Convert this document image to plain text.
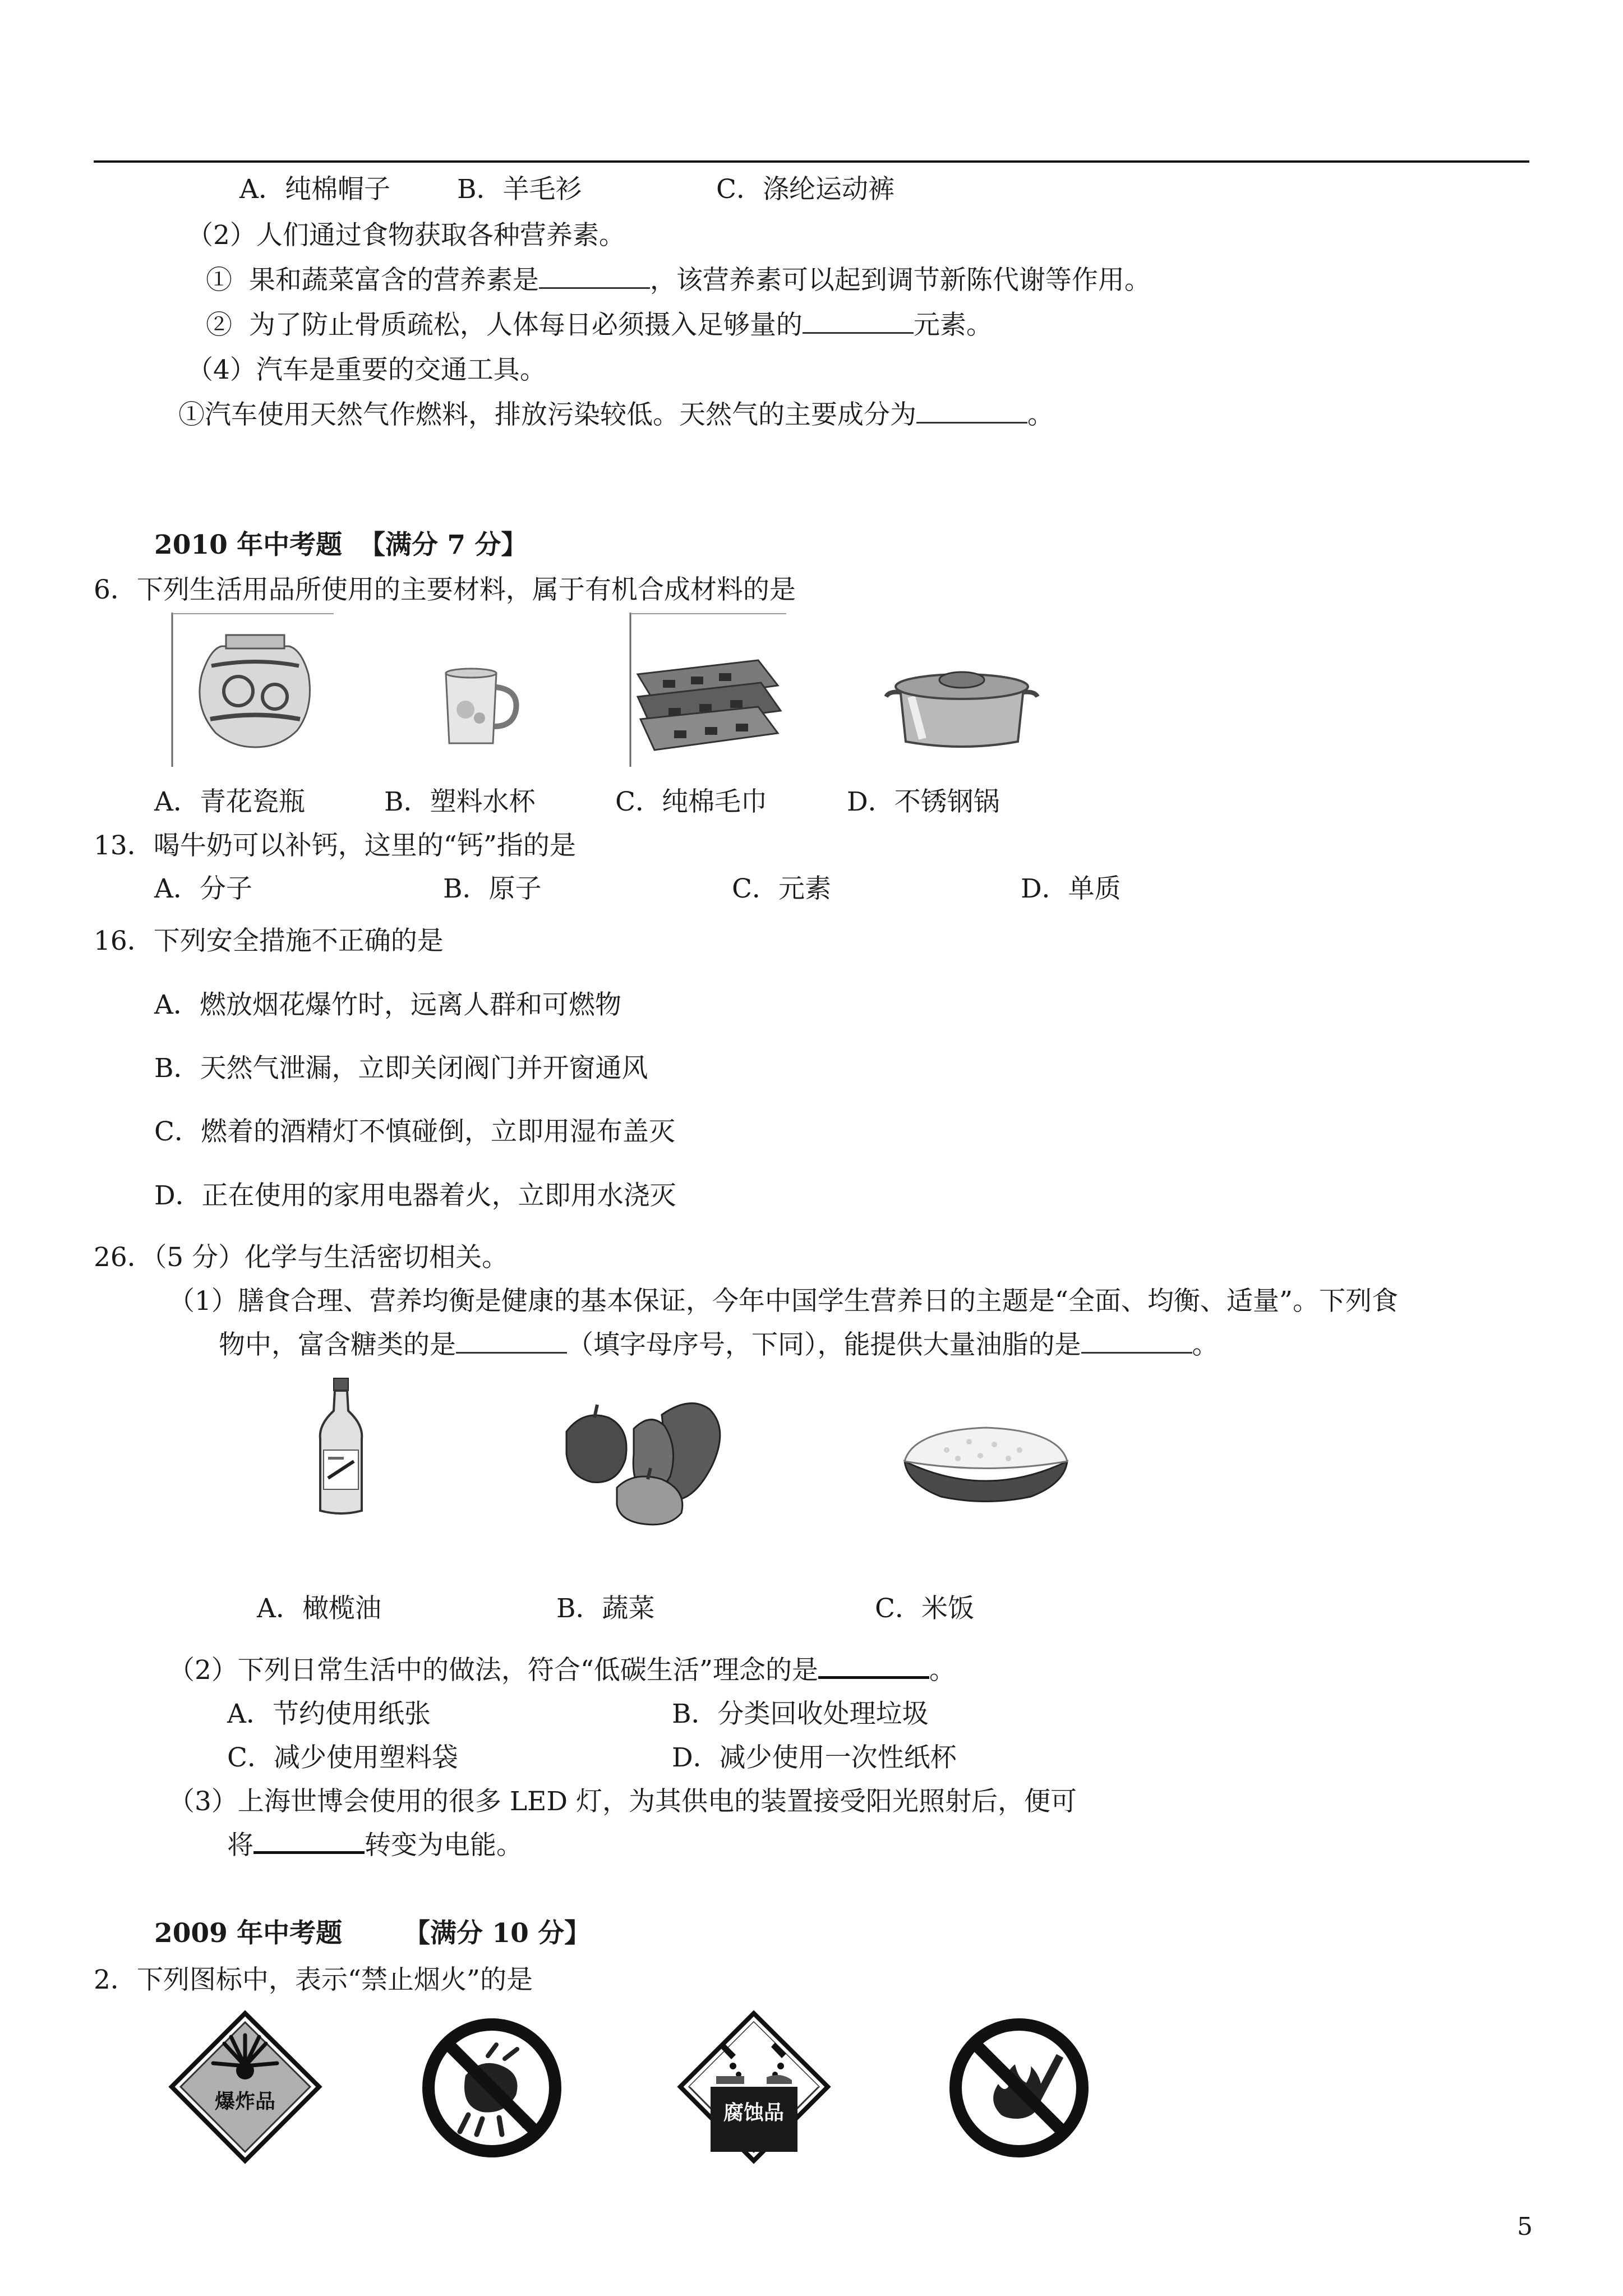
A．纯棉帽子	B．羊毛衫	C．涤纶运动裤
（2）人们通过食物获取各种营养素。
①  果和蔬菜富含的营养素是	，该营养素可以起到调节新陈代谢等作用。
②  为了防止骨质疏松，人体每日必须摄入足够量的	元素。
（4）汽车是重要的交通工具。
①汽车使用天然气作燃料，排放污染较低。天然气的主要成分为	。
2010 年中考题 【满分 7 分】
6．下列生活用品所使用的主要材料，属于有机合成材料的是
A．青花瓷瓶	B．塑料水杯	C．纯棉毛巾	D．不锈钢锅
13．喝牛奶可以补钙，这里的“钙”指的是
A．分子	B．原子	C．元素	D．单质
16．下列安全措施不正确的是
A．燃放烟花爆竹时，远离人群和可燃物
B．天然气泄漏，立即关闭阀门并开窗通风
C．燃着的酒精灯不慎碰倒，立即用湿布盖灭
D．正在使用的家用电器着火，立即用水浇灭
26．（5 分）化学与生活密切相关。
（1）膳食合理、营养均衡是健康的基本保证，今年中国学生营养日的主题是“全面、均衡、适量”。下列食
物中，富含糖类的是	（填字母序号，下同），能提供大量油脂的是	。
A．橄榄油	B．蔬菜	C．米饭
（2）下列日常生活中的做法，符合“低碳生活”理念的是	。
A．节约使用纸张	B．分类回收处理垃圾
C．减少使用塑料袋	D．减少使用一次性纸杯
（3）上海世博会使用的很多 LED 灯，为其供电的装置接受阳光照射后，便可
将	转变为电能。
2009 年中考题 【满分 10 分】
2．下列图标中，表示“禁止烟火”的是
爆炸品	腐蚀品
5
